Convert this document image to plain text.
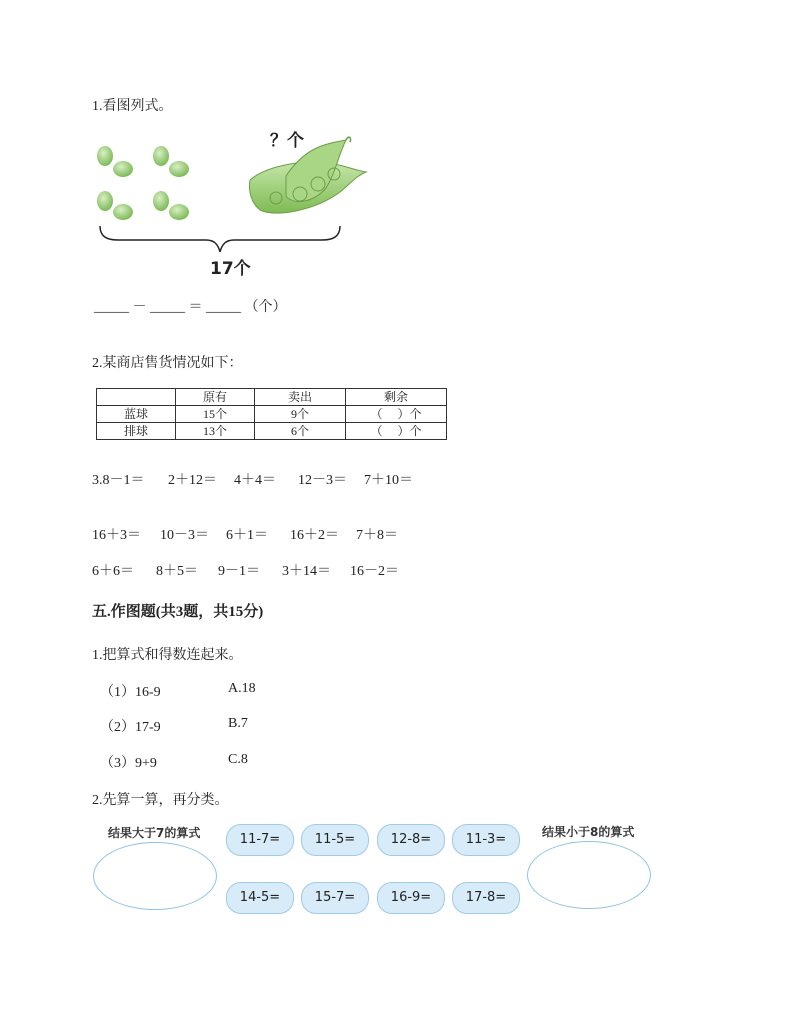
1.看图列式。
？个
17个
_____ － _____ ＝ _____ （个）
2.某商店售货情况如下：
	原有	卖出	剩余
蓝球	15个	9个	（　 ）个
排球	13个	6个	（　 ）个
3.8－1＝ 2＋12＝ 4＋4＝ 12－3＝ 7＋10＝
16＋3＝ 10－3＝ 6＋1＝ 16＋2＝ 7＋8＝
6＋6＝ 8＋5＝ 9－1＝ 3＋14＝ 16－2＝
五.作图题(共3题，共15分)
1.把算式和得数连起来。
（1）16-9
（2）17-9
（3）9+9
A.18
B.7
C.8
2.先算一算，再分类。
结果大于7的算式	结果小于8的算式
11-7=	11-5=	12-8=	11-3=
14-5=	15-7=	16-9=	17-8=
